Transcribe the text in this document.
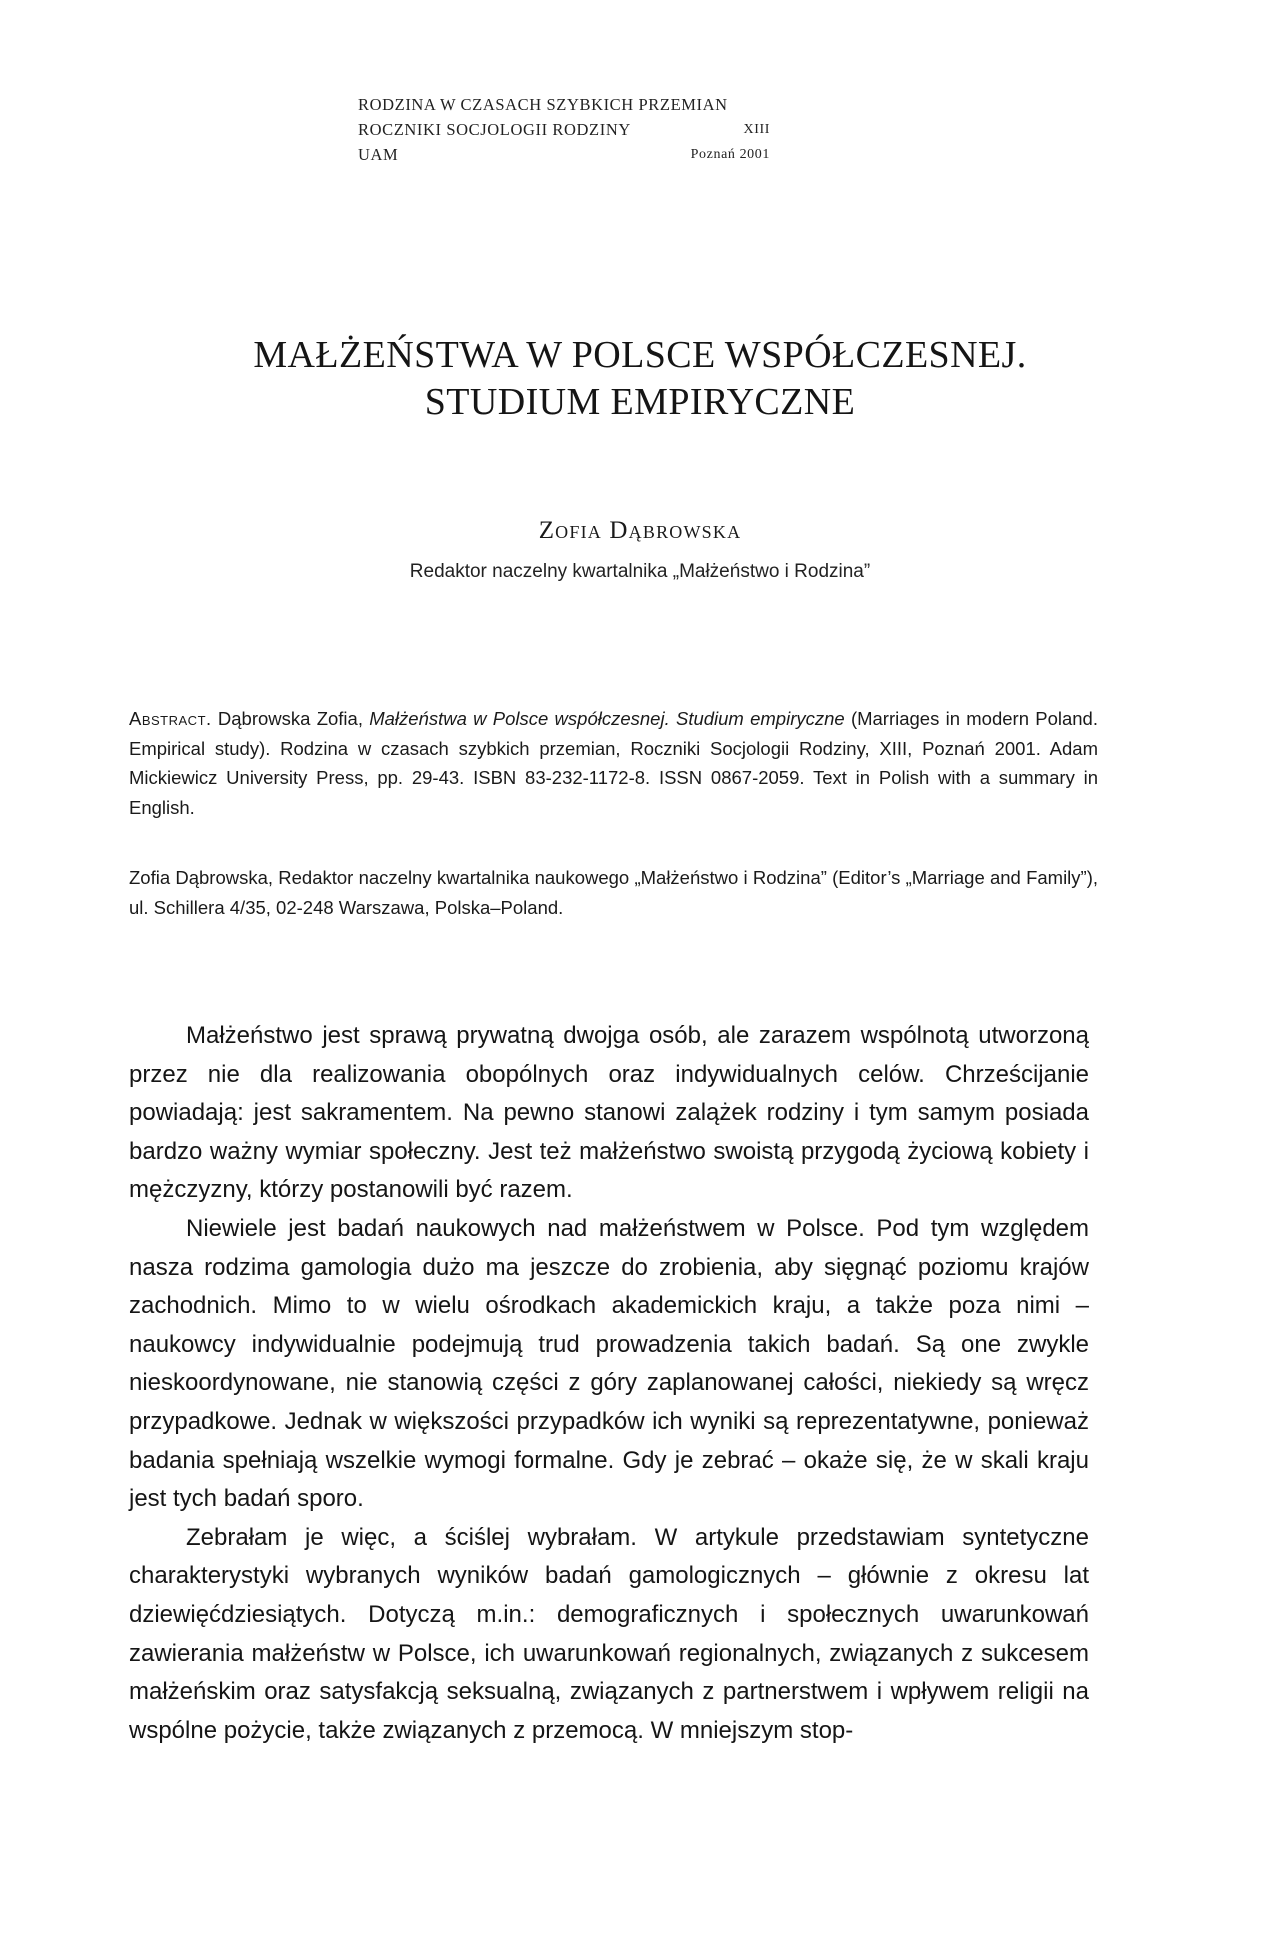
RODZINA W CZASACH SZYBKICH PRZEMIAN
ROCZNIKI SOCJOLOGII RODZINY	XIII
UAM	Poznań 2001
MAŁŻEŃSTWA W POLSCE WSPÓŁCZESNEJ.
STUDIUM EMPIRYCZNE
Zofia Dąbrowska
Redaktor naczelny kwartalnika „Małżeństwo i Rodzina”
Abstract. Dąbrowska Zofia, Małżeństwa w Polsce współczesnej. Studium empiryczne (Marriages in modern Poland. Empirical study). Rodzina w czasach szybkich przemian, Roczniki Socjologii Rodziny, XIII, Poznań 2001. Adam Mickiewicz University Press, pp. 29-43. ISBN 83-232-1172-8. ISSN 0867-2059. Text in Polish with a summary in English.
Zofia Dąbrowska, Redaktor naczelny kwartalnika naukowego „Małżeństwo i Rodzina” (Editor’s „Marriage and Family”), ul. Schillera 4/35, 02-248 Warszawa, Polska–Poland.

Małżeństwo jest sprawą prywatną dwojga osób, ale zarazem wspólnotą utworzoną przez nie dla realizowania obopólnych oraz indywidualnych celów. Chrześcijanie powiadają: jest sakramentem. Na pewno stanowi zalążek rodziny i tym samym posiada bardzo ważny wymiar społeczny. Jest też małżeństwo swoistą przygodą życiową kobiety i mężczyzny, którzy postanowili być razem.

Niewiele jest badań naukowych nad małżeństwem w Polsce. Pod tym względem nasza rodzima gamologia dużo ma jeszcze do zrobienia, aby sięgnąć poziomu krajów zachodnich. Mimo to w wielu ośrodkach akademickich kraju, a także poza nimi – naukowcy indywidualnie podejmują trud prowadzenia takich badań. Są one zwykle nieskoordynowane, nie stanowią części z góry zaplanowanej całości, niekiedy są wręcz przypadkowe. Jednak w większości przypadków ich wyniki są reprezentatywne, ponieważ badania spełniają wszelkie wymogi formalne. Gdy je zebrać – okaże się, że w skali kraju jest tych badań sporo.

Zebrałam je więc, a ściślej wybrałam. W artykule przedstawiam syntetyczne charakterystyki wybranych wyników badań gamologicznych – głównie z okresu lat dziewięćdziesiątych. Dotyczą m.in.: demograficznych i społecznych uwarunkowań zawierania małżeństw w Polsce, ich uwarunkowań regionalnych, związanych z sukcesem małżeńskim oraz satysfakcją seksualną, związanych z partnerstwem i wpływem religii na wspólne pożycie, także związanych z przemocą. W mniejszym stop-
